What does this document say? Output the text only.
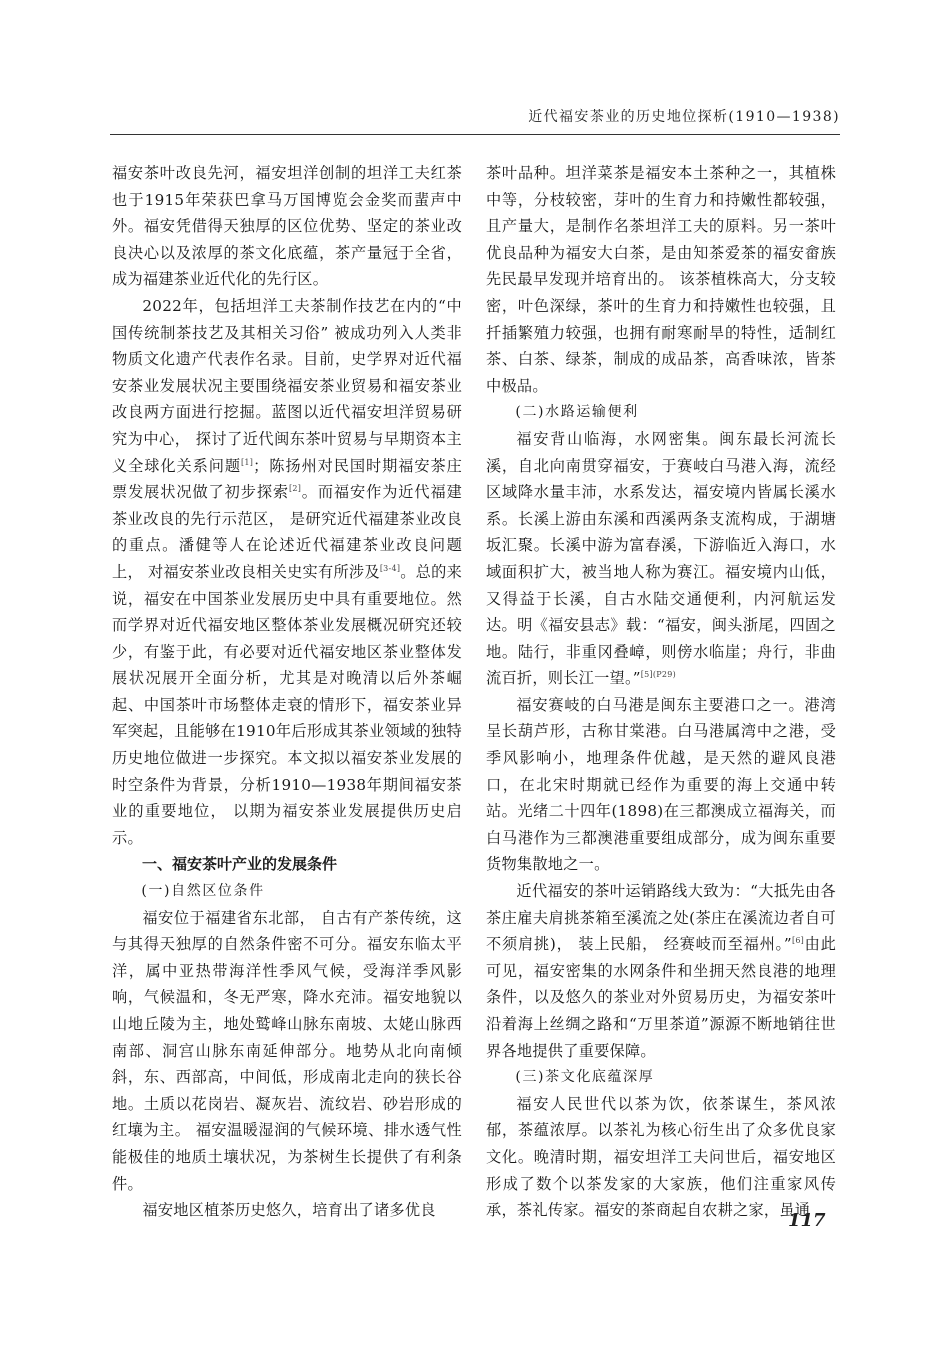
近代福安茶业的历史地位探析(1910—1938)

福安茶叶改良先河，福安坦洋创制的坦洋工夫红茶也于1915年荣获巴拿马万国博览会金奖而蜚声中外。福安凭借得天独厚的区位优势、坚定的茶业改良决心以及浓厚的茶文化底蕴，茶产量冠于全省，成为福建茶业近代化的先行区。

2022年，包括坦洋工夫茶制作技艺在内的“中国传统制茶技艺及其相关习俗” 被成功列入人类非物质文化遗产代表作名录。目前，史学界对近代福安茶业发展状况主要围绕福安茶业贸易和福安茶业改良两方面进行挖掘。蓝图以近代福安坦洋贸易研究为中心， 探讨了近代闽东茶叶贸易与早期资本主义全球化关系问题[1]；陈扬州对民国时期福安茶庄票发展状况做了初步探索[2]。而福安作为近代福建茶业改良的先行示范区， 是研究近代福建茶业改良的重点。潘健等人在论述近代福建茶业改良问题上， 对福安茶业改良相关史实有所涉及[3-4]。总的来说，福安在中国茶业发展历史中具有重要地位。然而学界对近代福安地区整体茶业发展概况研究还较少，有鉴于此，有必要对近代福安地区茶业整体发展状况展开全面分析，尤其是对晚清以后外茶崛起、中国茶叶市场整体走衰的情形下，福安茶业异军突起，且能够在1910年后形成其茶业领域的独特历史地位做进一步探究。本文拟以福安茶业发展的时空条件为背景，分析1910—1938年期间福安茶业的重要地位， 以期为福安茶业发展提供历史启示。

一、福安茶叶产业的发展条件

(一)自然区位条件

福安位于福建省东北部， 自古有产茶传统，这与其得天独厚的自然条件密不可分。福安东临太平洋，属中亚热带海洋性季风气候，受海洋季风影响，气候温和，冬无严寒，降水充沛。福安地貌以山地丘陵为主，地处鹫峰山脉东南坡、太姥山脉西南部、洞宫山脉东南延伸部分。地势从北向南倾斜，东、西部高，中间低，形成南北走向的狭长谷地。土质以花岗岩、凝灰岩、流纹岩、砂岩形成的红壤为主。 福安温暖湿润的气候环境、排水透气性能极佳的地质土壤状况，为茶树生长提供了有利条件。

福安地区植茶历史悠久，培育出了诸多优良

茶叶品种。坦洋菜茶是福安本土茶种之一，其植株中等，分枝较密，芽叶的生育力和持嫩性都较强，且产量大，是制作名茶坦洋工夫的原料。另一茶叶优良品种为福安大白茶，是由知茶爱茶的福安畲族先民最早发现并培育出的。 该茶植株高大，分支较密，叶色深绿，茶叶的生育力和持嫩性也较强，且扦插繁殖力较强，也拥有耐寒耐旱的特性，适制红茶、白茶、绿茶，制成的成品茶，高香味浓，皆茶中极品。

(二)水路运输便利

福安背山临海，水网密集。闽东最长河流长溪，自北向南贯穿福安，于赛岐白马港入海，流经区域降水量丰沛，水系发达，福安境内皆属长溪水系。长溪上游由东溪和西溪两条支流构成，于湖塘坂汇聚。长溪中游为富春溪，下游临近入海口，水域面积扩大，被当地人称为赛江。福安境内山低，又得益于长溪，自古水陆交通便利，内河航运发达。明《福安县志》载：“福安，闽头浙尾，四固之地。陆行，非重冈叠嶂，则傍水临崖；舟行，非曲流百折，则长江一望。”$^{[5](P29)}$

福安赛岐的白马港是闽东主要港口之一。港湾呈长葫芦形，古称甘棠港。白马港属湾中之港，受季风影响小，地理条件优越，是天然的避风良港口，在北宋时期就已经作为重要的海上交通中转站。光绪二十四年(1898)在三都澳成立福海关，而白马港作为三都澳港重要组成部分，成为闽东重要货物集散地之一。

近代福安的茶叶运销路线大致为：“大抵先由各茶庄雇夫肩挑茶箱至溪流之处(茶庄在溪流边者自可不须肩挑)， 装上民船， 经赛岐而至福州。”[6]由此可见，福安密集的水网条件和坐拥天然良港的地理条件，以及悠久的茶业对外贸易历史，为福安茶叶沿着海上丝绸之路和“万里茶道”源源不断地销往世界各地提供了重要保障。

(三)茶文化底蕴深厚

福安人民世代以茶为饮，依茶谋生，茶风浓郁，茶蕴浓厚。以茶礼为核心衍生出了众多优良家文化。晚清时期，福安坦洋工夫问世后，福安地区形成了数个以茶发家的大家族，他们注重家风传承，茶礼传家。福安的茶商起自农耕之家，虽通

117
